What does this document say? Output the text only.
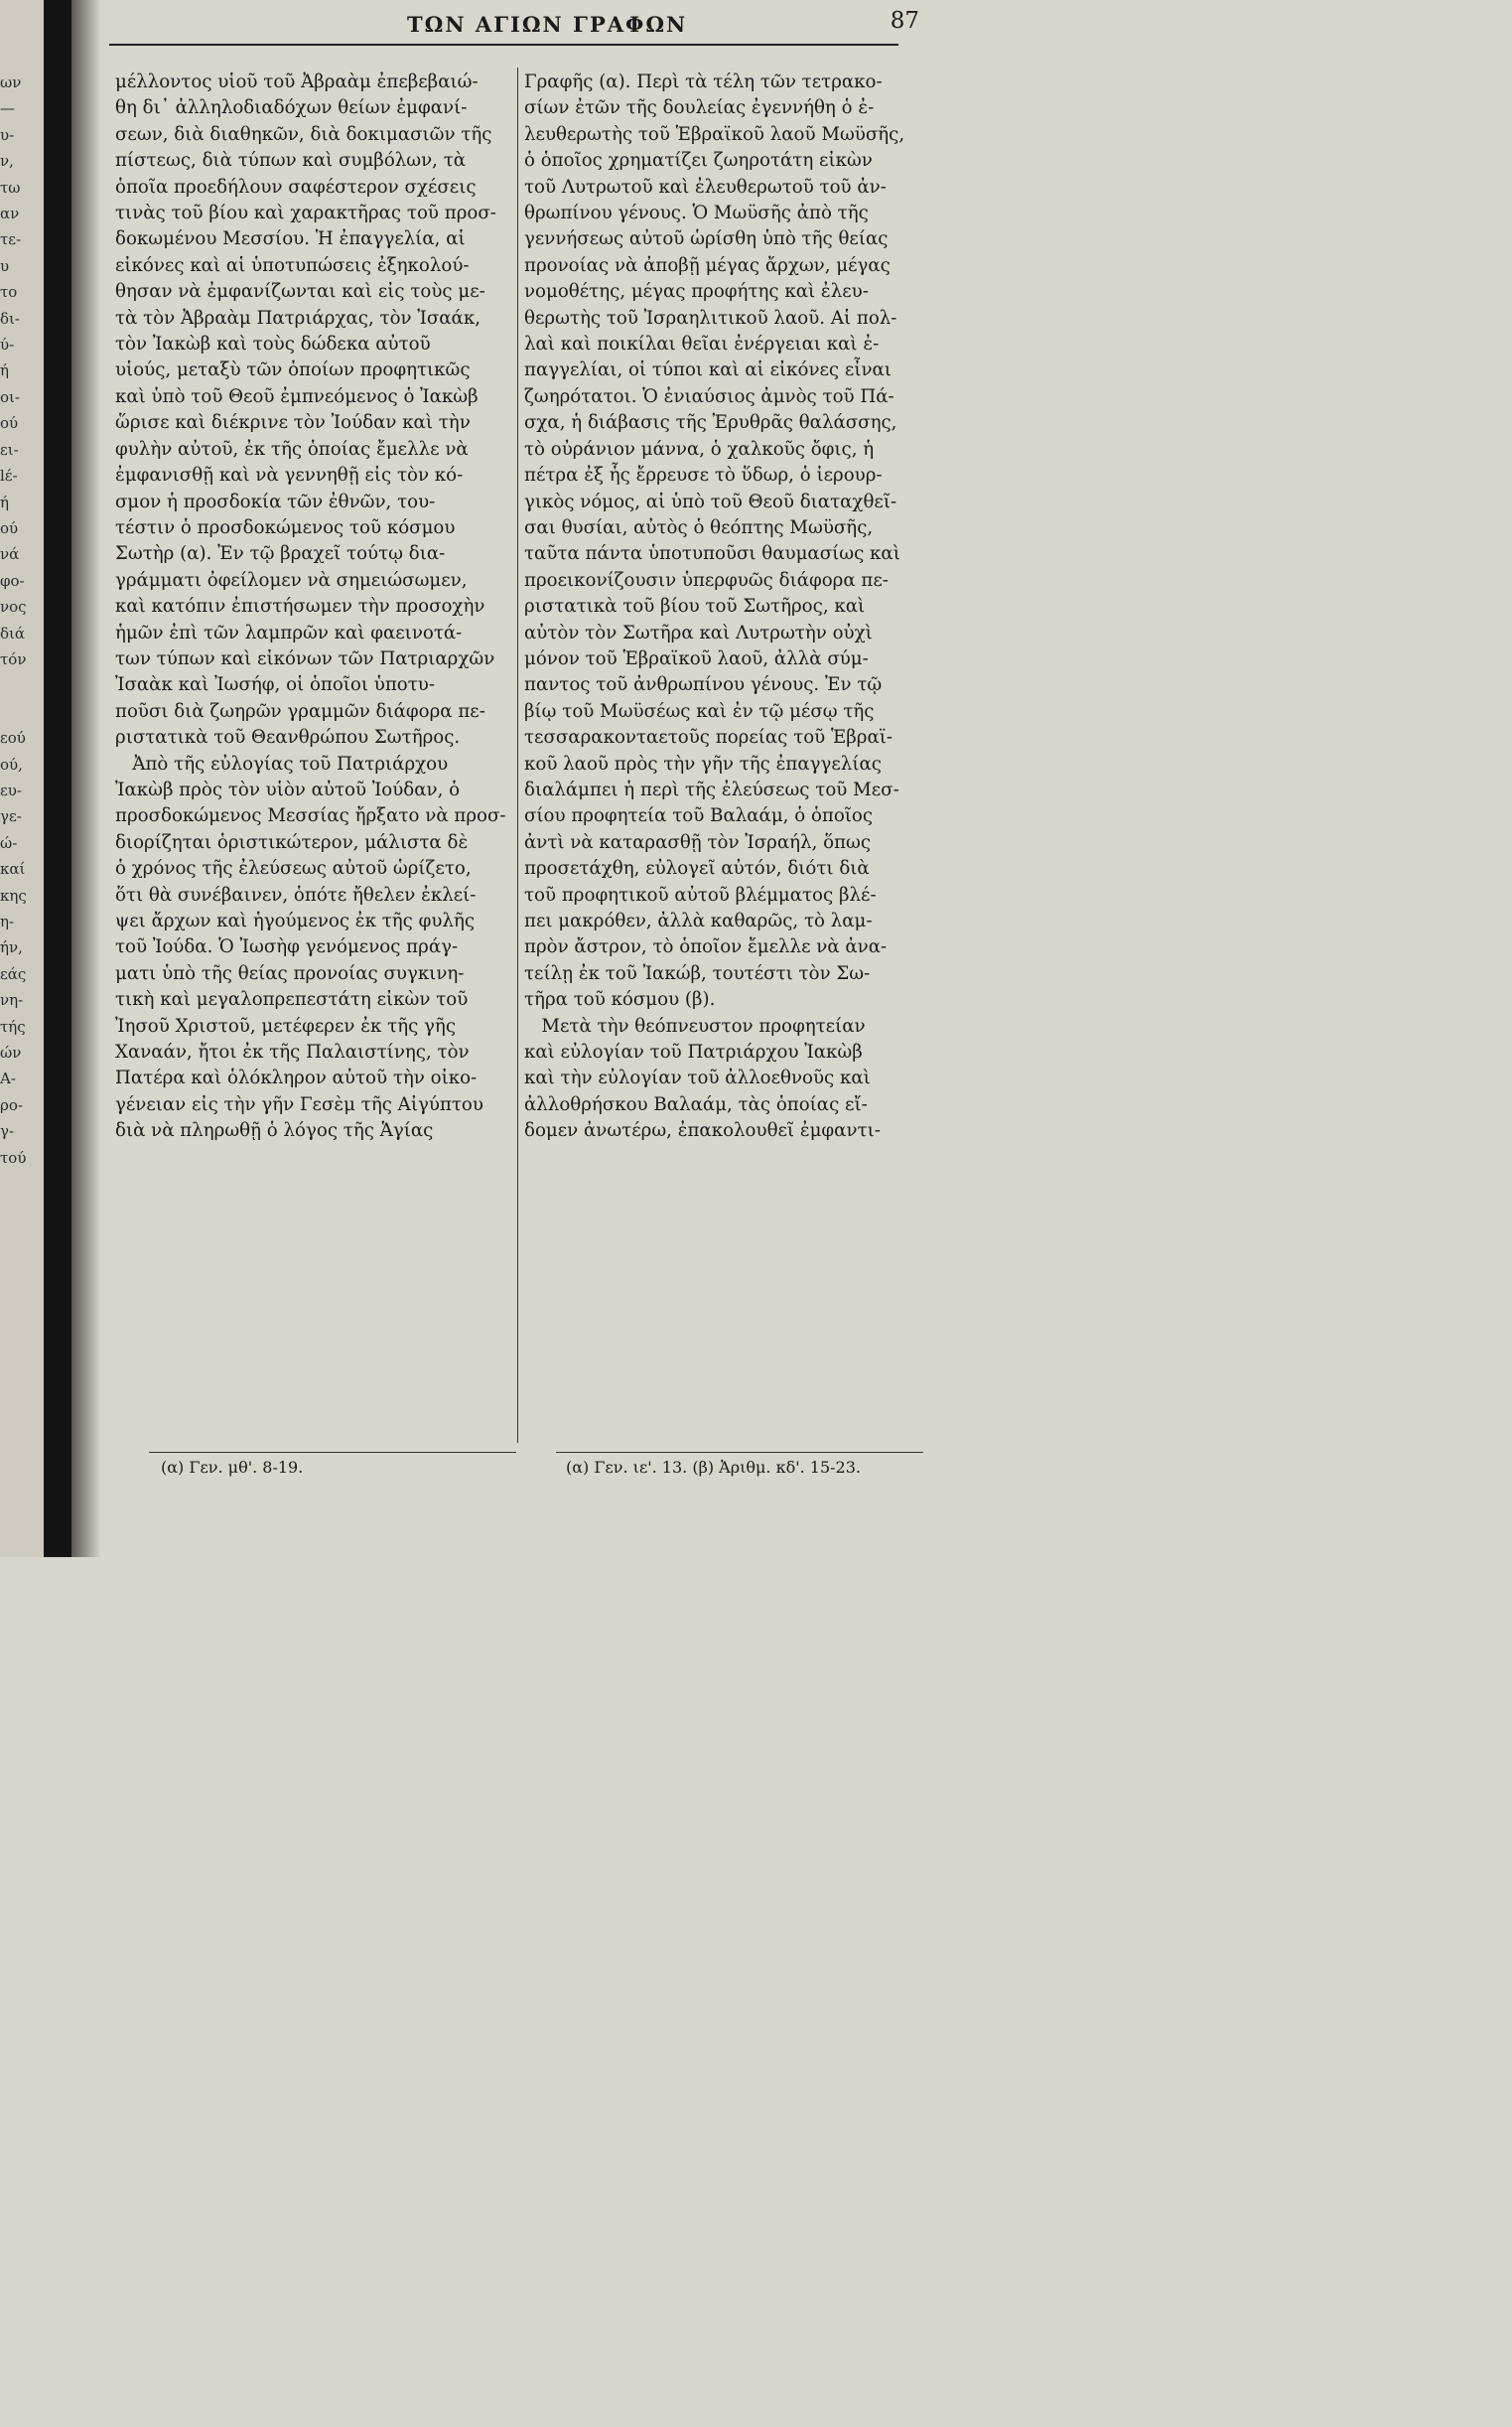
ων
—
υ-
ν,
τω
αν
τε-
υ
το
δι-
ύ-
ή
οι-
ού
ει-
lέ-
ή
ού
νά
φο-
νος
διά
τόν

εού
ού,
ευ-
γε-
ώ-
καί
κης
η-
ήν,
εάς
νη-
τής
ών
Α-
ρο-
γ-
τού
ΤΩΝ ΑΓΙΩΝ ΓΡΑΦΩΝ	87
μέλλοντος υἱοῦ τοῦ Ἀβραὰμ ἐπεβεβαιώ-
θη δι᾽ ἀλληλοδιαδόχων θείων ἐμφανί-
σεων, διὰ διαθηκῶν, διὰ δοκιμασιῶν τῆς
πίστεως, διὰ τύπων καὶ συμβόλων, τὰ
ὁποῖα προεδήλουν σαφέστερον σχέσεις
τινὰς τοῦ βίου καὶ χαρακτῆρας τοῦ προσ-
δοκωμένου Μεσσίου. Ἡ ἐπαγγελία, αἱ
εἰκόνες καὶ αἱ ὑποτυπώσεις ἐξηκολού-
θησαν νὰ ἐμφανίζωνται καὶ εἰς τοὺς με-
τὰ τὸν Ἀβραὰμ Πατριάρχας, τὸν Ἰσαάκ,
τὸν Ἰακὼβ καὶ τοὺς δώδεκα αὐτοῦ
υἱούς, μεταξὺ τῶν ὁποίων προφητικῶς
καὶ ὑπὸ τοῦ Θεοῦ ἐμπνεόμενος ὁ Ἰακὼβ
ὥρισε καὶ διέκρινε τὸν Ἰούδαν καὶ τὴν
φυλὴν αὐτοῦ, ἐκ τῆς ὁποίας ἔμελλε νὰ
ἐμφανισθῇ καὶ νὰ γεννηθῇ εἰς τὸν κό-
σμον ἡ προσδοκία τῶν ἐθνῶν, του-
τέστιν ὁ προσδοκώμενος τοῦ κόσμου
Σωτὴρ (α). Ἐν τῷ βραχεῖ τούτῳ δια-
γράμματι ὀφείλομεν νὰ σημειώσωμεν,
καὶ κατόπιν ἐπιστήσωμεν τὴν προσοχὴν
ἡμῶν ἐπὶ τῶν λαμπρῶν καὶ φαεινοτά-
των τύπων καὶ εἰκόνων τῶν Πατριαρχῶν
Ἰσαὰκ καὶ Ἰωσήφ, οἱ ὁποῖοι ὑποτυ-
ποῦσι διὰ ζωηρῶν γραμμῶν διάφορα πε-
ριστατικὰ τοῦ Θεανθρώπου Σωτῆρος.
Ἀπὸ τῆς εὐλογίας τοῦ Πατριάρχου
Ἰακὼβ πρὸς τὸν υἱὸν αὐτοῦ Ἰούδαν, ὁ
προσδοκώμενος Μεσσίας ἤρξατο νὰ προσ-
διορίζηται ὁριστικώτερον, μάλιστα δὲ
ὁ χρόνος τῆς ἐλεύσεως αὐτοῦ ὡρίζετο,
ὅτι θὰ συνέβαινεν, ὁπότε ἤθελεν ἐκλεί-
ψει ἄρχων καὶ ἡγούμενος ἐκ τῆς φυλῆς
τοῦ Ἰούδα. Ὁ Ἰωσὴφ γενόμενος πράγ-
ματι ὑπὸ τῆς θείας προνοίας συγκινη-
τικὴ καὶ μεγαλοπρεπεστάτη εἰκὼν τοῦ
Ἰησοῦ Χριστοῦ, μετέφερεν ἐκ τῆς γῆς
Χαναάν, ἤτοι ἐκ τῆς Παλαιστίνης, τὸν
Πατέρα καὶ ὁλόκληρον αὐτοῦ τὴν οἰκο-
γένειαν εἰς τὴν γῆν Γεσὲμ τῆς Αἰγύπτου
διὰ νὰ πληρωθῇ ὁ λόγος τῆς Ἁγίας
Γραφῆς (α). Περὶ τὰ τέλη τῶν τετρακο-
σίων ἐτῶν τῆς δουλείας ἐγεννήθη ὁ ἐ-
λευθερωτὴς τοῦ Ἑβραϊκοῦ λαοῦ Μωϋσῆς,
ὁ ὁποῖος χρηματίζει ζωηροτάτη εἰκὼν
τοῦ Λυτρωτοῦ καὶ ἐλευθερωτοῦ τοῦ ἀν-
θρωπίνου γένους. Ὁ Μωϋσῆς ἀπὸ τῆς
γεννήσεως αὐτοῦ ὡρίσθη ὑπὸ τῆς θείας
προνοίας νὰ ἀποβῇ μέγας ἄρχων, μέγας
νομοθέτης, μέγας προφήτης καὶ ἐλευ-
θερωτὴς τοῦ Ἰσραηλιτικοῦ λαοῦ. Αἱ πολ-
λαὶ καὶ ποικίλαι θεῖαι ἐνέργειαι καὶ ἐ-
παγγελίαι, οἱ τύποι καὶ αἱ εἰκόνες εἶναι
ζωηρότατοι. Ὁ ἐνιαύσιος ἀμνὸς τοῦ Πά-
σχα, ἡ διάβασις τῆς Ἐρυθρᾶς θαλάσσης,
τὸ οὐράνιον μάννα, ὁ χαλκοῦς ὄφις, ἡ
πέτρα ἐξ ἧς ἔρρευσε τὸ ὕδωρ, ὁ ἱερουρ-
γικὸς νόμος, αἱ ὑπὸ τοῦ Θεοῦ διαταχθεῖ-
σαι θυσίαι, αὐτὸς ὁ θεόπτης Μωϋσῆς,
ταῦτα πάντα ὑποτυποῦσι θαυμασίως καὶ
προεικονίζουσιν ὑπερφυῶς διάφορα πε-
ριστατικὰ τοῦ βίου τοῦ Σωτῆρος, καὶ
αὐτὸν τὸν Σωτῆρα καὶ Λυτρωτὴν οὐχὶ
μόνον τοῦ Ἑβραϊκοῦ λαοῦ, ἀλλὰ σύμ-
παντος τοῦ ἀνθρωπίνου γένους. Ἐν τῷ
βίῳ τοῦ Μωϋσέως καὶ ἐν τῷ μέσῳ τῆς
τεσσαρακονταετοῦς πορείας τοῦ Ἑβραϊ-
κοῦ λαοῦ πρὸς τὴν γῆν τῆς ἐπαγγελίας
διαλάμπει ἡ περὶ τῆς ἐλεύσεως τοῦ Μεσ-
σίου προφητεία τοῦ Βαλαάμ, ὁ ὁποῖος
ἀντὶ νὰ καταρασθῇ τὸν Ἰσραήλ, ὅπως
προσετάχθη, εὐλογεῖ αὐτόν, διότι διὰ
τοῦ προφητικοῦ αὐτοῦ βλέμματος βλέ-
πει μακρόθεν, ἀλλὰ καθαρῶς, τὸ λαμ-
πρὸν ἄστρον, τὸ ὁποῖον ἔμελλε νὰ ἀνα-
τείλῃ ἐκ τοῦ Ἰακώβ, τουτέστι τὸν Σω-
τῆρα τοῦ κόσμου (β).
Μετὰ τὴν θεόπνευστον προφητείαν
καὶ εὐλογίαν τοῦ Πατριάρχου Ἰακὼβ
καὶ τὴν εὐλογίαν τοῦ ἀλλοεθνοῦς καὶ
ἀλλοθρήσκου Βαλαάμ, τὰς ὁποίας εἴ-
δομεν ἀνωτέρω, ἐπακολουθεῖ ἐμφαντι-
(α) Γεν. μθ'. 8-19.	(α) Γεν. ιε'. 13. (β) Ἀριθμ. κδ'. 15-23.
